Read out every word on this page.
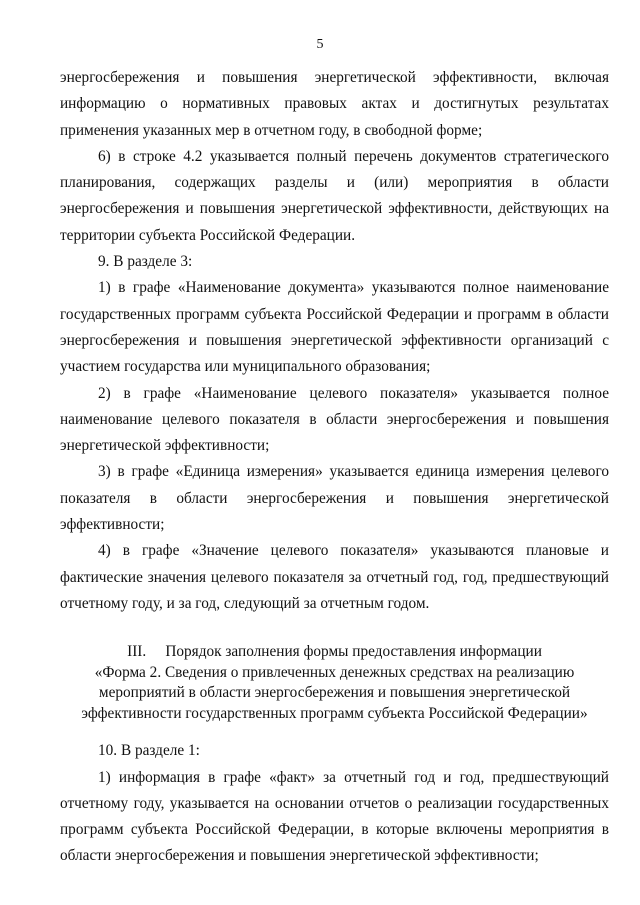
5

энергосбережения и повышения энергетической эффективности, включая информацию о нормативных правовых актах и достигнутых результатах применения указанных мер в отчетном году, в свободной форме;

6) в строке 4.2 указывается полный перечень документов стратегического планирования, содержащих разделы и (или) мероприятия в области энергосбережения и повышения энергетической эффективности, действующих на территории субъекта Российской Федерации.

9. В разделе 3:

1) в графе «Наименование документа» указываются полное наименование государственных программ субъекта Российской Федерации и программ в области энергосбережения и повышения энергетической эффективности организаций с участием государства или муниципального образования;

2) в графе «Наименование целевого показателя» указывается полное наименование целевого показателя в области энергосбережения и повышения энергетической эффективности;

3) в графе «Единица измерения» указывается единица измерения целевого показателя в области энергосбережения и повышения энергетической эффективности;

4) в графе «Значение целевого показателя» указываются плановые и фактические значения целевого показателя за отчетный год, год, предшествующий отчетному году, и за год, следующий за отчетным годом.

III.     Порядок заполнения формы предоставления информации
«Форма 2. Сведения о привлеченных денежных средствах на реализацию
мероприятий в области энергосбережения и повышения энергетической
эффективности государственных программ субъекта Российской Федерации»

10. В разделе 1:

1) информация в графе «факт» за отчетный год и год, предшествующий отчетному году, указывается на основании отчетов о реализации государственных программ субъекта Российской Федерации, в которые включены мероприятия в области энергосбережения и повышения энергетической эффективности;
